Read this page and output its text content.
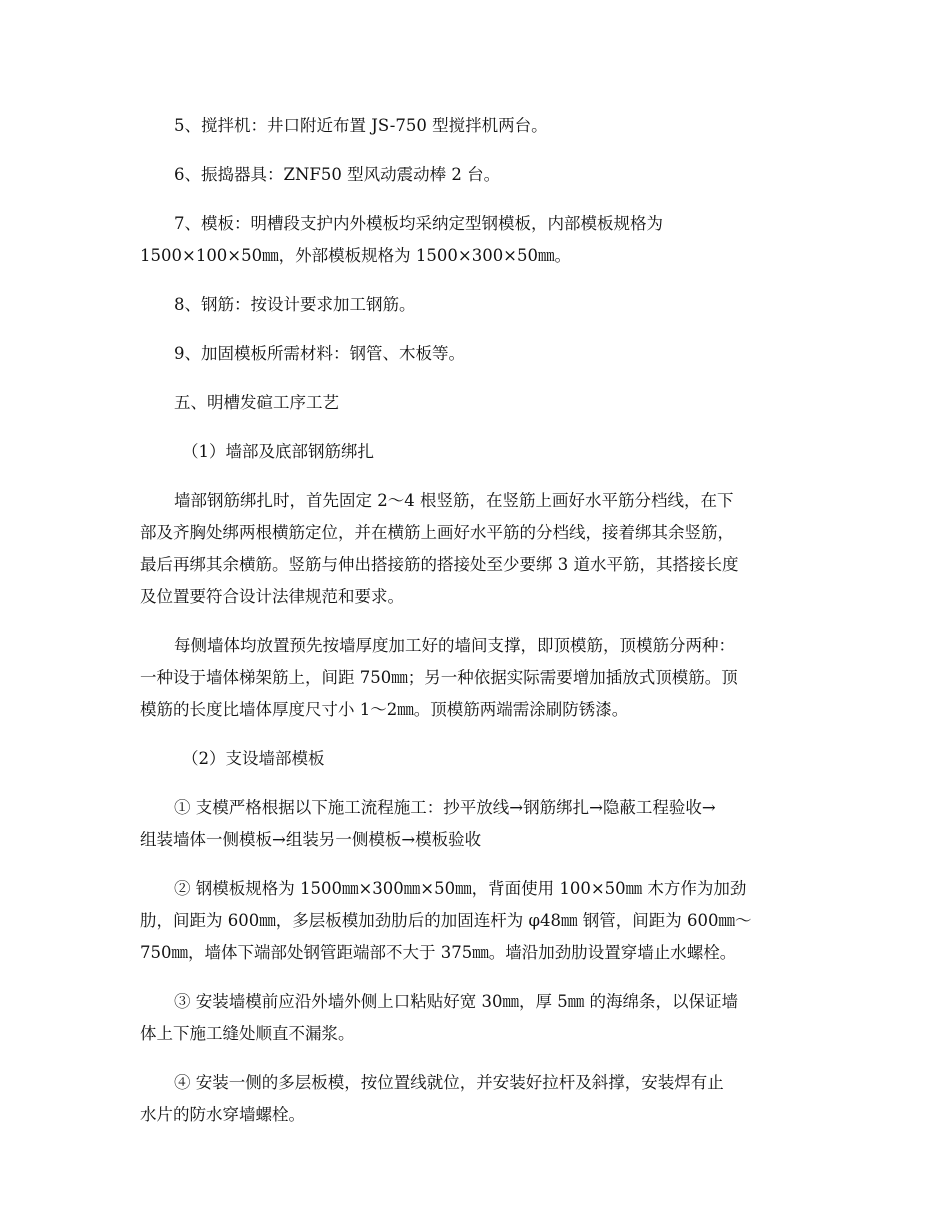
5、搅拌机：井口附近布置 JS-750 型搅拌机两台。

6、振捣器具：ZNF50 型风动震动棒 2 台。

7、模板：明槽段支护内外模板均采纳定型钢模板，内部模板规格为
1500×100×50㎜，外部模板规格为 1500×300×50㎜。

8、钢筋：按设计要求加工钢筋。

9、加固模板所需材料：钢管、木板等。

五、明槽发碹工序工艺

（1）墙部及底部钢筋绑扎

墙部钢筋绑扎时，首先固定 2～4 根竖筋，在竖筋上画好水平筋分档线，在下
部及齐胸处绑两根横筋定位，并在横筋上画好水平筋的分档线，接着绑其余竖筋，
最后再绑其余横筋。竖筋与伸出搭接筋的搭接处至少要绑 3 道水平筋，其搭接长度
及位置要符合设计法律规范和要求。

每侧墙体均放置预先按墙厚度加工好的墙间支撑，即顶模筋，顶模筋分两种：
一种设于墙体梯架筋上，间距 750㎜；另一种依据实际需要增加插放式顶模筋。顶
模筋的长度比墙体厚度尺寸小 1～2㎜。顶模筋两端需涂刷防锈漆。

（2）支设墙部模板

① 支模严格根据以下施工流程施工：抄平放线→钢筋绑扎→隐蔽工程验收→
组装墙体一侧模板→组装另一侧模板→模板验收

② 钢模板规格为 1500㎜×300㎜×50㎜，背面使用 100×50㎜ 木方作为加劲
肋，间距为 600㎜，多层板模加劲肋后的加固连杆为 φ48㎜ 钢管，间距为 600㎜～
750㎜，墙体下端部处钢管距端部不大于 375㎜。墙沿加劲肋设置穿墙止水螺栓。

③ 安装墙模前应沿外墙外侧上口粘贴好宽 30㎜，厚 5㎜ 的海绵条，以保证墙
体上下施工缝处顺直不漏浆。

④ 安装一侧的多层板模，按位置线就位，并安装好拉杆及斜撑，安装焊有止
水片的防水穿墙螺栓。
